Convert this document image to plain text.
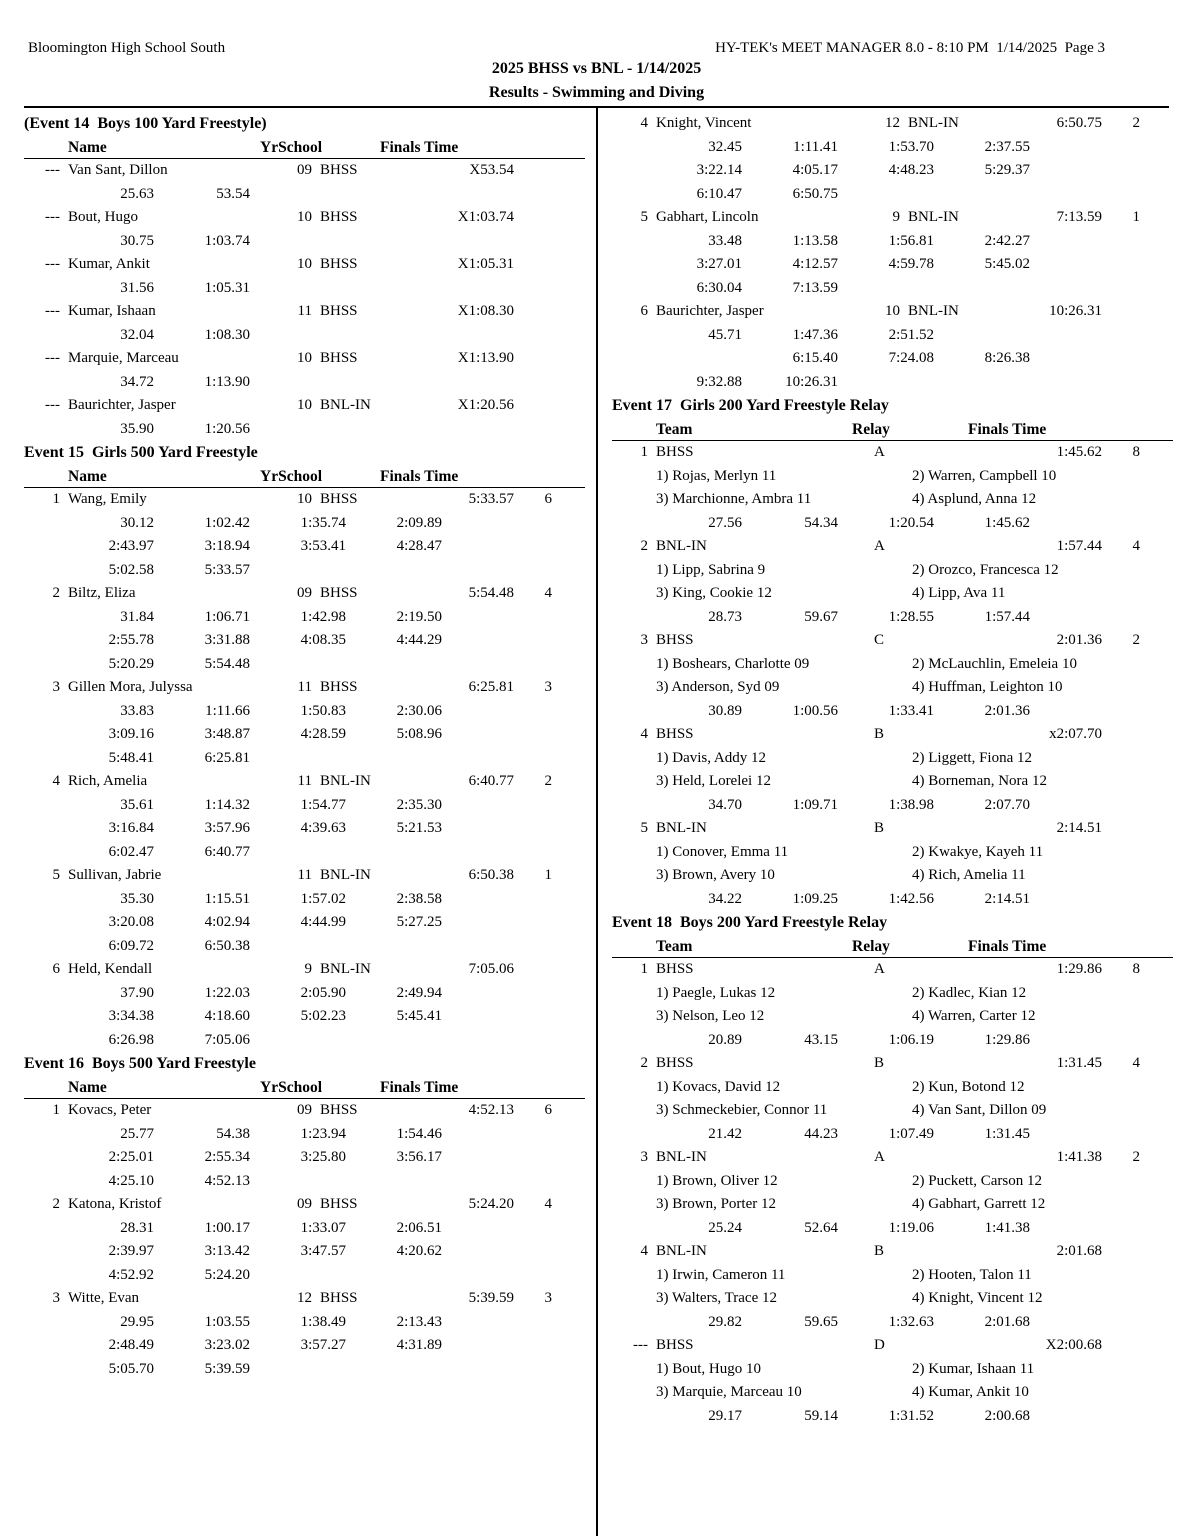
Bloomington High School South	HY-TEK's MEET MANAGER 8.0 - 8:10 PM  1/14/2025  Page 3
2025 BHSS vs BNL - 1/14/2025
Results - Swimming and Diving
(Event 14  Boys 100 Yard Freestyle)
Name	YrSchool	Finals Time
--- Van Sant, Dillon	09 BHSS	X53.54
25.63	53.54
--- Bout, Hugo	10 BHSS	X1:03.74
30.75	1:03.74
--- Kumar, Ankit	10 BHSS	X1:05.31
31.56	1:05.31
--- Kumar, Ishaan	11 BHSS	X1:08.30
32.04	1:08.30
--- Marquie, Marceau	10 BHSS	X1:13.90
34.72	1:13.90
--- Baurichter, Jasper	10 BNL-IN	X1:20.56
35.90	1:20.56
Event 15  Girls 500 Yard Freestyle
Name	YrSchool	Finals Time
1 Wang, Emily	10 BHSS	5:33.57	6
30.12	1:02.42	1:35.74	2:09.89
2:43.97	3:18.94	3:53.41	4:28.47
5:02.58	5:33.57
2 Biltz, Eliza	09 BHSS	5:54.48	4
31.84	1:06.71	1:42.98	2:19.50
2:55.78	3:31.88	4:08.35	4:44.29
5:20.29	5:54.48
3 Gillen Mora, Julyssa	11 BHSS	6:25.81	3
33.83	1:11.66	1:50.83	2:30.06
3:09.16	3:48.87	4:28.59	5:08.96
5:48.41	6:25.81
4 Rich, Amelia	11 BNL-IN	6:40.77	2
35.61	1:14.32	1:54.77	2:35.30
3:16.84	3:57.96	4:39.63	5:21.53
6:02.47	6:40.77
5 Sullivan, Jabrie	11 BNL-IN	6:50.38	1
35.30	1:15.51	1:57.02	2:38.58
3:20.08	4:02.94	4:44.99	5:27.25
6:09.72	6:50.38
6 Held, Kendall	9 BNL-IN	7:05.06
37.90	1:22.03	2:05.90	2:49.94
3:34.38	4:18.60	5:02.23	5:45.41
6:26.98	7:05.06
Event 16  Boys 500 Yard Freestyle
Name	YrSchool	Finals Time
1 Kovacs, Peter	09 BHSS	4:52.13	6
25.77	54.38	1:23.94	1:54.46
2:25.01	2:55.34	3:25.80	3:56.17
4:25.10	4:52.13
2 Katona, Kristof	09 BHSS	5:24.20	4
28.31	1:00.17	1:33.07	2:06.51
2:39.97	3:13.42	3:47.57	4:20.62
4:52.92	5:24.20
3 Witte, Evan	12 BHSS	5:39.59	3
29.95	1:03.55	1:38.49	2:13.43
2:48.49	3:23.02	3:57.27	4:31.89
5:05.70	5:39.59
4 Knight, Vincent	12 BNL-IN	6:50.75	2
32.45	1:11.41	1:53.70	2:37.55
3:22.14	4:05.17	4:48.23	5:29.37
6:10.47	6:50.75
5 Gabhart, Lincoln	9 BNL-IN	7:13.59	1
33.48	1:13.58	1:56.81	2:42.27
3:27.01	4:12.57	4:59.78	5:45.02
6:30.04	7:13.59
6 Baurichter, Jasper	10 BNL-IN	10:26.31
45.71	1:47.36	2:51.52
6:15.40	7:24.08	8:26.38
9:32.88	10:26.31
Event 17  Girls 200 Yard Freestyle Relay
Team	Relay	Finals Time
1 BHSS	A	1:45.62	8
1) Rojas, Merlyn 11	2) Warren, Campbell 10
3) Marchionne, Ambra 11	4) Asplund, Anna 12
27.56	54.34	1:20.54	1:45.62
2 BNL-IN	A	1:57.44	4
1) Lipp, Sabrina 9	2) Orozco, Francesca 12
3) King, Cookie 12	4) Lipp, Ava 11
28.73	59.67	1:28.55	1:57.44
3 BHSS	C	2:01.36	2
1) Boshears, Charlotte 09	2) McLauchlin, Emeleia 10
3) Anderson, Syd 09	4) Huffman, Leighton 10
30.89	1:00.56	1:33.41	2:01.36
4 BHSS	B	x2:07.70
1) Davis, Addy 12	2) Liggett, Fiona 12
3) Held, Lorelei 12	4) Borneman, Nora 12
34.70	1:09.71	1:38.98	2:07.70
5 BNL-IN	B	2:14.51
1) Conover, Emma 11	2) Kwakye, Kayeh 11
3) Brown, Avery 10	4) Rich, Amelia 11
34.22	1:09.25	1:42.56	2:14.51
Event 18  Boys 200 Yard Freestyle Relay
Team	Relay	Finals Time
1 BHSS	A	1:29.86	8
1) Paegle, Lukas 12	2) Kadlec, Kian 12
3) Nelson, Leo 12	4) Warren, Carter 12
20.89	43.15	1:06.19	1:29.86
2 BHSS	B	1:31.45	4
1) Kovacs, David 12	2) Kun, Botond 12
3) Schmeckebier, Connor 11	4) Van Sant, Dillon 09
21.42	44.23	1:07.49	1:31.45
3 BNL-IN	A	1:41.38	2
1) Brown, Oliver 12	2) Puckett, Carson 12
3) Brown, Porter 12	4) Gabhart, Garrett 12
25.24	52.64	1:19.06	1:41.38
4 BNL-IN	B	2:01.68
1) Irwin, Cameron 11	2) Hooten, Talon 11
3) Walters, Trace 12	4) Knight, Vincent 12
29.82	59.65	1:32.63	2:01.68
--- BHSS	D	X2:00.68
1) Bout, Hugo 10	2) Kumar, Ishaan 11
3) Marquie, Marceau 10	4) Kumar, Ankit 10
29.17	59.14	1:31.52	2:00.68
